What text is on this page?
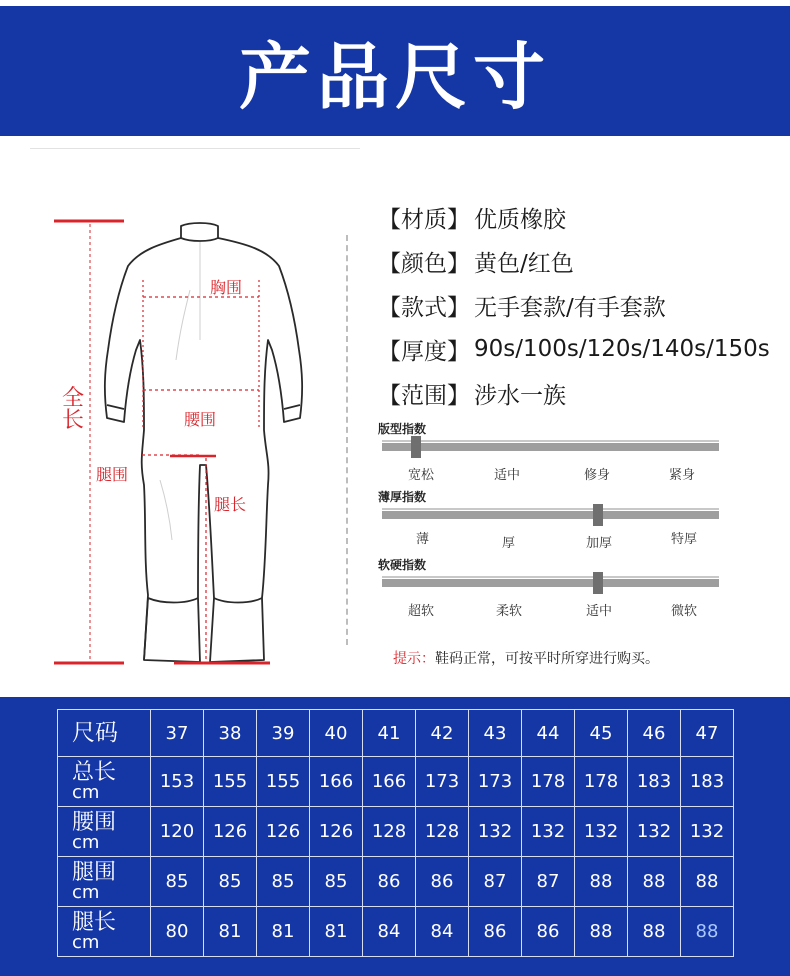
产品尺寸
全长
胸围
腰围
腿围
腿长
【材质】 优质橡胶
【颜色】 黄色/红色
【款式】 无手套款/有手套款
【厚度】 90s/100s/120s/140s/150s
【范围】 涉水一族
版型指数
宽松	适中	修身	紧身
薄厚指数
薄	厚	加厚	特厚
软硬指数
超软	柔软	适中	微软
提示：鞋码正常，可按平时所穿进行购买。
尺码	37	38	39	40	41	42	43	44	45	46	47
总长
cm	153	155	155	166	166	173	173	178	178	183	183
腰围
cm	120	126	126	126	128	128	132	132	132	132	132
腿围
cm	85	85	85	85	86	86	87	87	88	88	88
腿长
cm	80	81	81	81	84	84	86	86	88	88	88
